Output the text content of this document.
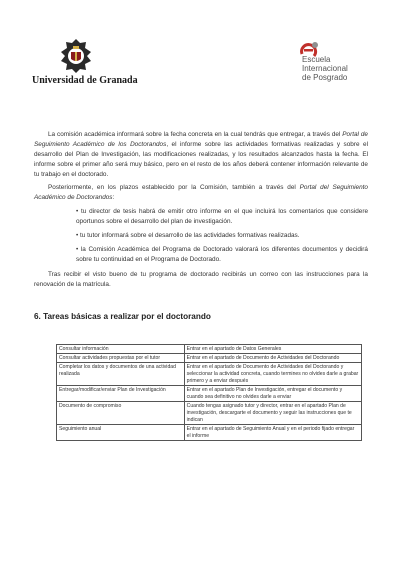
Universidad de Granada
Escuela
Internacional
de Posgrado

La comisión académica informará sobre la fecha concreta en la cual tendrás que entregar, a través del Portal de Seguimiento Académico de los Doctorandos, el informe sobre las actividades formativas realizadas y sobre el desarrollo del Plan de Investigación, las modificaciones realizadas, y los resultados alcanzados hasta la fecha. El informe sobre el primer año será muy básico, pero en el resto de los años deberá contener información relevante de tu trabajo en el doctorado.

Posteriormente, en los plazos establecido por la Comisión, también a través del Portal del Seguimiento Académico de Doctorandos:

• tu director de tesis habrá de emitir otro informe en el que incluirá los comentarios que considere oportunos sobre el desarrollo del plan de investigación.

• tu tutor informará sobre el desarrollo de las actividades formativas realizadas.

• la Comisión Académica del Programa de Doctorado valorará los diferentes documentos y decidirá sobre tu continuidad en el Programa de Doctorado.

Tras recibir el visto bueno de tu programa de doctorado recibirás un correo con las instrucciones para la renovación de la matrícula.

6. Tareas básicas a realizar por el doctorando
Consultar información	Entrar en el apartado de Datos Generales
Consultar actividades propuestas por el tutor	Entrar en el apartado de Documento de Actividades del Doctorando
Completar los datos y documentos de una actividad realizada	Entrar en el apartado de Documento de Actividades del Doctorando y seleccionar la actividad concreta, cuando termines no olvides darle a grabar primero y a enviar después
Entregar/modificar/enviar Plan de Investigación	Entrar en el apartado Plan de Investigación, entregar el documento y cuando sea definitivo no olvides darle a enviar
Documento de compromiso	Cuando tengas asignado tutor y director, entrar en el apartado Plan de investigación, descargarte el documento y seguir las instrucciones que te indican
Seguimiento anual	Entrar en el apartado de Seguimiento Anual y en el periodo fijado entregar el informe
